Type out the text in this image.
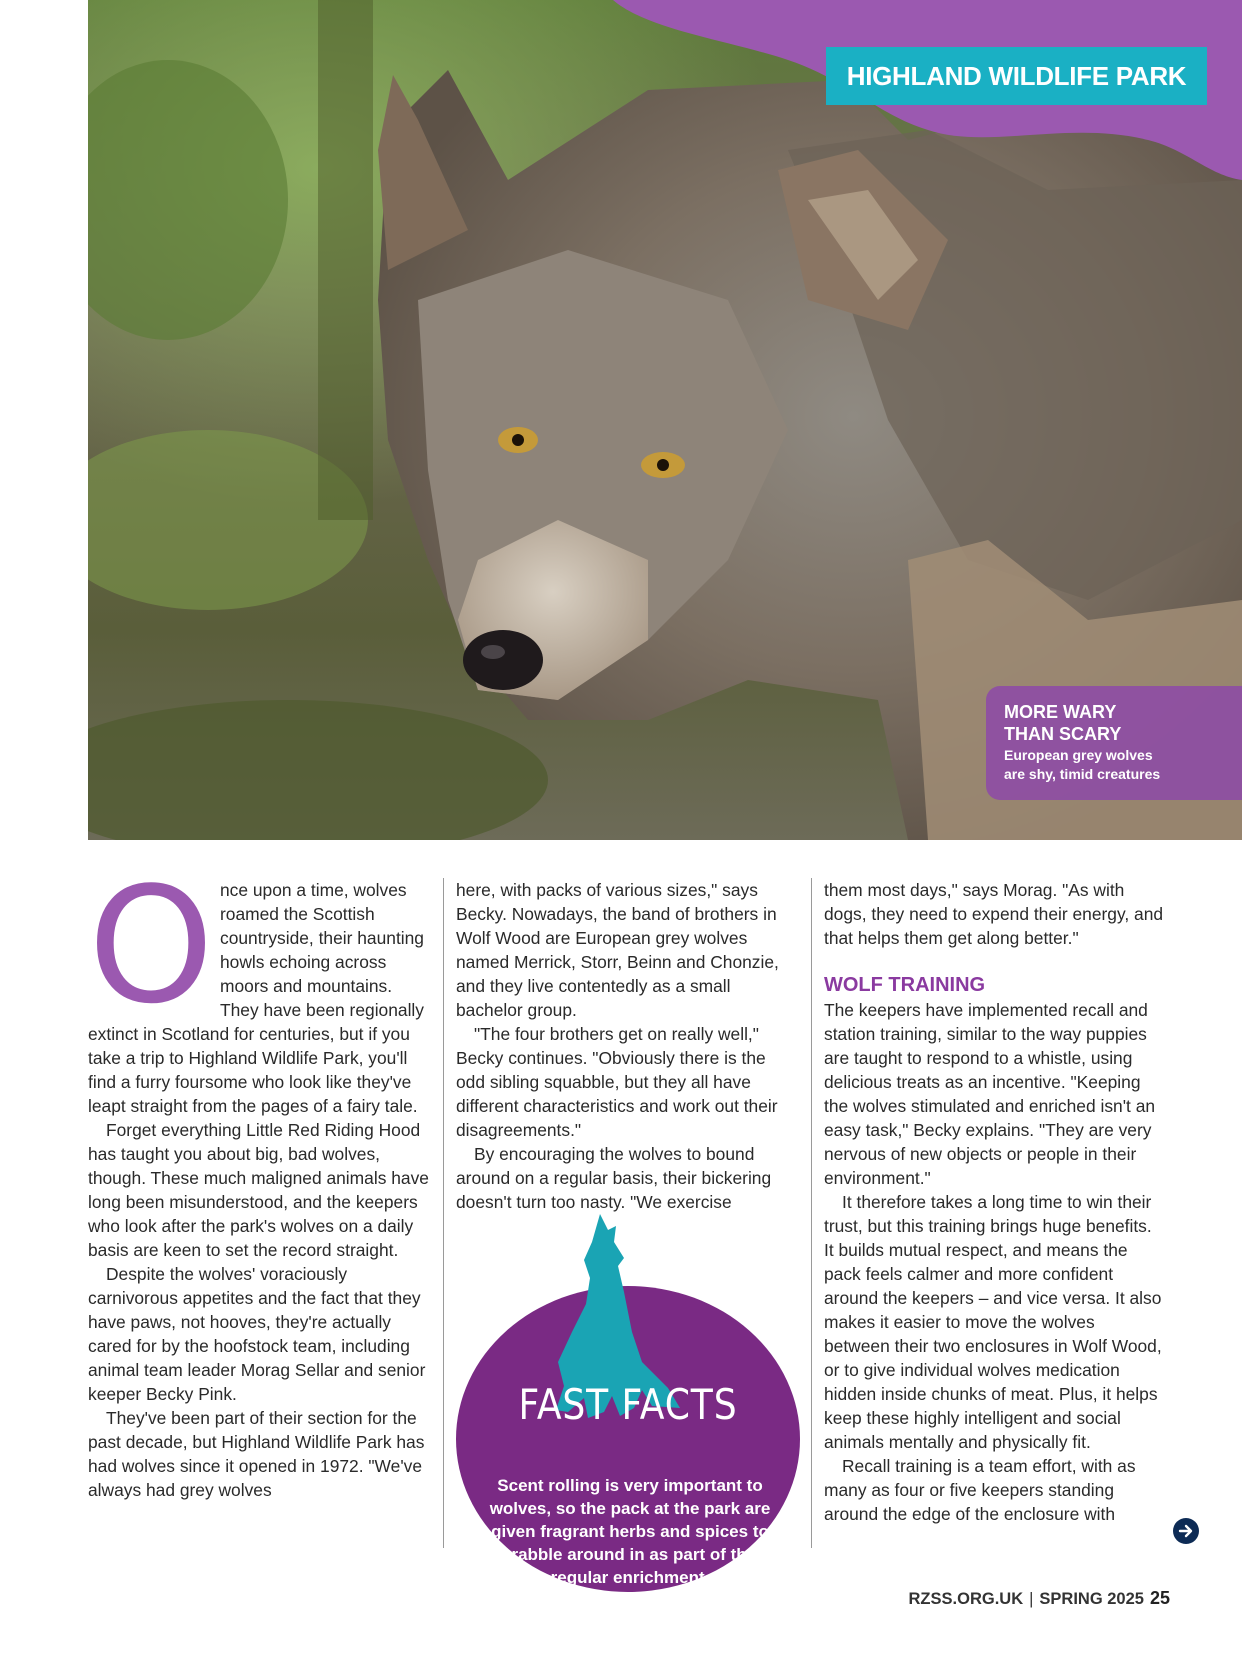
HIGHLAND WILDLIFE PARK
MORE WARY
THAN SCARY
European grey wolves
are shy, timid creatures
O nce upon a time, wolves roamed the Scottish countryside, their haunting howls echoing across moors and mountains. They have been regionally extinct in Scotland for centuries, but if you take a trip to Highland Wildlife Park, you'll find a furry foursome who look like they've leapt straight from the pages of a fairy tale.

Forget everything Little Red Riding Hood has taught you about big, bad wolves, though. These much maligned animals have long been misunderstood, and the keepers who look after the park's wolves on a daily basis are keen to set the record straight.

Despite the wolves' voraciously carnivorous appetites and the fact that they have paws, not hooves, they're actually cared for by the hoofstock team, including animal team leader Morag Sellar and senior keeper Becky Pink.

They've been part of their section for the past decade, but Highland Wildlife Park has had wolves since it opened in 1972. "We've always had grey wolves

here, with packs of various sizes," says Becky. Nowadays, the band of brothers in Wolf Wood are European grey wolves named Merrick, Storr, Beinn and Chonzie, and they live contentedly as a small bachelor group.

"The four brothers get on really well," Becky continues. "Obviously there is the odd sibling squabble, but they all have different characteristics and work out their disagreements."

By encouraging the wolves to bound around on a regular basis, their bickering doesn't turn too nasty. "We exercise

FAST FACTS
Scent rolling is very important to wolves, so the pack at the park are given fragrant herbs and spices to scrabble around in as part of their regular enrichment.

them most days," says Morag. "As with dogs, they need to expend their energy, and that helps them get along better."

WOLF TRAINING

The keepers have implemented recall and station training, similar to the way puppies are taught to respond to a whistle, using delicious treats as an incentive. "Keeping the wolves stimulated and enriched isn't an easy task," Becky explains. "They are very nervous of new objects or people in their environment."

It therefore takes a long time to win their trust, but this training brings huge benefits. It builds mutual respect, and means the pack feels calmer and more confident around the keepers – and vice versa. It also makes it easier to move the wolves between their two enclosures in Wolf Wood, or to give individual wolves medication hidden inside chunks of meat. Plus, it helps keep these highly intelligent and social animals mentally and physically fit.

Recall training is a team effort, with as many as four or five keepers standing around the edge of the enclosure with

RZSS.ORG.UK | SPRING 2025 25
